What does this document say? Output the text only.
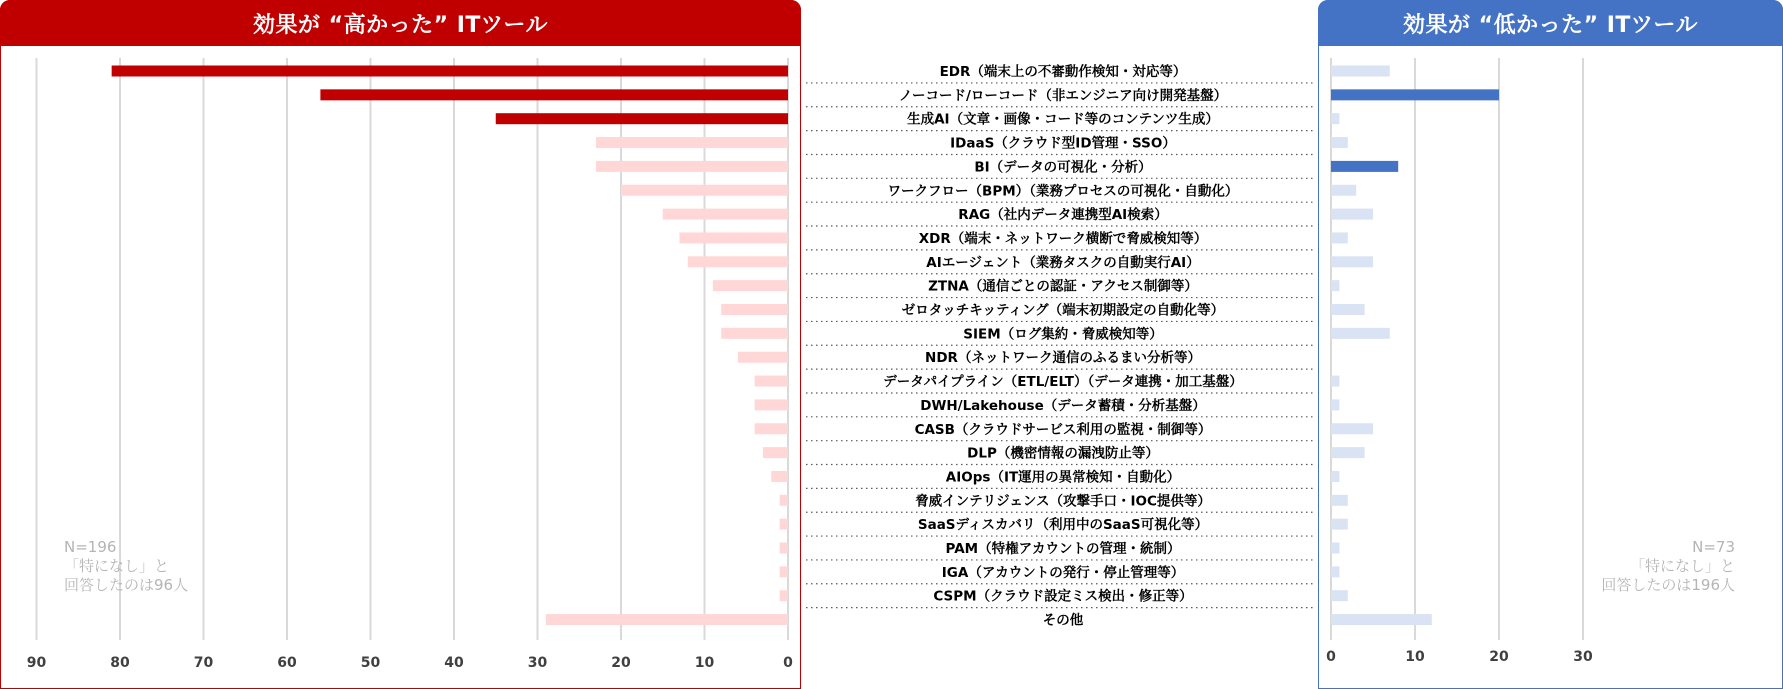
効果が “高かった” ITツール	効果が “低かった” ITツール
90	80	70	60	50	40	30	20	10	0	0	10	20	30
EDR（端末上の不審動作検知・対応等）
ノーコード/ローコード（非エンジニア向け開発基盤）
生成AI（文章・画像・コード等のコンテンツ生成）
IDaaS（クラウド型ID管理・SSO）
BI（データの可視化・分析）
ワークフロー（BPM）（業務プロセスの可視化・自動化）
RAG（社内データ連携型AI検索）
XDR（端末・ネットワーク横断で脅威検知等）
AIエージェント（業務タスクの自動実行AI）
ZTNA（通信ごとの認証・アクセス制御等）
ゼロタッチキッティング（端末初期設定の自動化等）
SIEM（ログ集約・脅威検知等）
NDR（ネットワーク通信のふるまい分析等）
データパイプライン（ETL/ELT）（データ連携・加工基盤）
DWH/Lakehouse（データ蓄積・分析基盤）
CASB（クラウドサービス利用の監視・制御等）
DLP（機密情報の漏洩防止等）
AIOps（IT運用の異常検知・自動化）
脅威インテリジェンス（攻撃手口・IOC提供等）
SaaSディスカバリ（利用中のSaaS可視化等）
PAM（特権アカウントの管理・統制）
IGA（アカウントの発行・停止管理等）
CSPM（クラウド設定ミス検出・修正等）
その他
N=196
「特になし」と
回答したのは96人
N=73
「特になし」と
回答したのは196人
